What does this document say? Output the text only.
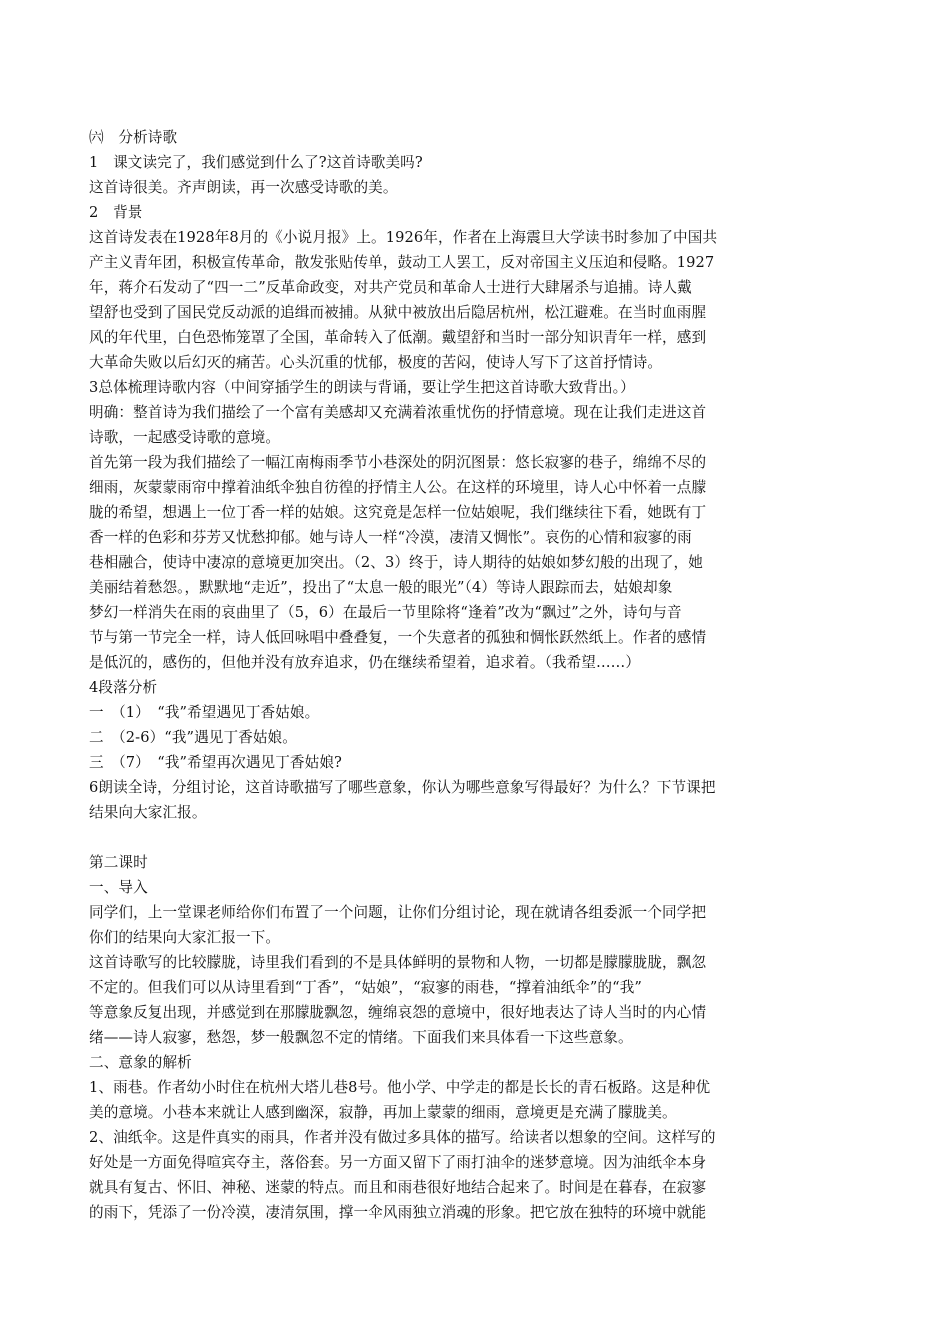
㈥　分析诗歌
1　课文读完了，我们感觉到什么了?这首诗歌美吗?
这首诗很美。齐声朗读，再一次感受诗歌的美。
2　背景
这首诗发表在1928年8月的《小说月报》上。1926年，作者在上海震旦大学读书时参加了中国共
产主义青年团，积极宣传革命，散发张贴传单，鼓动工人罢工，反对帝国主义压迫和侵略。1927
年，蒋介石发动了“四一二”反革命政变，对共产党员和革命人士进行大肆屠杀与追捕。诗人戴
望舒也受到了国民党反动派的追缉而被捕。从狱中被放出后隐居杭州，松江避难。在当时血雨腥
风的年代里，白色恐怖笼罩了全国，革命转入了低潮。戴望舒和当时一部分知识青年一样，感到
大革命失败以后幻灭的痛苦。心头沉重的忧郁，极度的苦闷，使诗人写下了这首抒情诗。
3总体梳理诗歌内容（中间穿插学生的朗读与背诵，要让学生把这首诗歌大致背出。）
明确：整首诗为我们描绘了一个富有美感却又充满着浓重忧伤的抒情意境。现在让我们走进这首
诗歌，一起感受诗歌的意境。
首先第一段为我们描绘了一幅江南梅雨季节小巷深处的阴沉图景：悠长寂寥的巷子，绵绵不尽的
细雨，灰蒙蒙雨帘中撑着油纸伞独自彷徨的抒情主人公。在这样的环境里，诗人心中怀着一点朦
胧的希望，想遇上一位丁香一样的姑娘。这究竟是怎样一位姑娘呢，我们继续往下看，她既有丁
香一样的色彩和芬芳又忧愁抑郁。她与诗人一样“冷漠，凄清又惆怅”。哀伤的心情和寂寥的雨
巷相融合，使诗中凄凉的意境更加突出。（2、3）终于，诗人期待的姑娘如梦幻般的出现了，她
美丽结着愁怨。，默默地“走近”，投出了“太息一般的眼光”（4）等诗人跟踪而去，姑娘却象
梦幻一样消失在雨的哀曲里了（5，6）在最后一节里除将“逢着”改为“飘过”之外，诗句与音
节与第一节完全一样，诗人低回咏唱中叠叠复，一个失意者的孤独和惆怅跃然纸上。作者的感情
是低沉的，感伤的，但他并没有放弃追求，仍在继续希望着，追求着。（我希望……）
4段落分析
一　（1）　“我”希望遇见丁香姑娘。
二　（2-6）“我”遇见丁香姑娘。
三　（7）　“我”希望再次遇见丁香姑娘?
6朗读全诗，分组讨论，这首诗歌描写了哪些意象，你认为哪些意象写得最好？为什么？下节课把
结果向大家汇报。
第二课时
一、导入
同学们，上一堂课老师给你们布置了一个问题，让你们分组讨论，现在就请各组委派一个同学把
你们的结果向大家汇报一下。
这首诗歌写的比较朦胧，诗里我们看到的不是具体鲜明的景物和人物，一切都是朦朦胧胧，飘忽
不定的。但我们可以从诗里看到“丁香”，“姑娘”，“寂寥的雨巷，“撑着油纸伞”的“我”
等意象反复出现，并感觉到在那朦胧飘忽，缠绵哀怨的意境中，很好地表达了诗人当时的内心情
绪——诗人寂寥，愁怨，梦一般飘忽不定的情绪。下面我们来具体看一下这些意象。
二、意象的解析
1、雨巷。作者幼小时住在杭州大塔儿巷8号。他小学、中学走的都是长长的青石板路。这是种优
美的意境。小巷本来就让人感到幽深，寂静，再加上蒙蒙的细雨，意境更是充满了朦胧美。
2、油纸伞。这是件真实的雨具，作者并没有做过多具体的描写。给读者以想象的空间。这样写的
好处是一方面免得喧宾夺主，落俗套。另一方面又留下了雨打油伞的迷梦意境。因为油纸伞本身
就具有复古、怀旧、神秘、迷蒙的特点。而且和雨巷很好地结合起来了。时间是在暮春，在寂寥
的雨下，凭添了一份冷漠，凄清氛围，撑一伞风雨独立消魂的形象。把它放在独特的环境中就能
